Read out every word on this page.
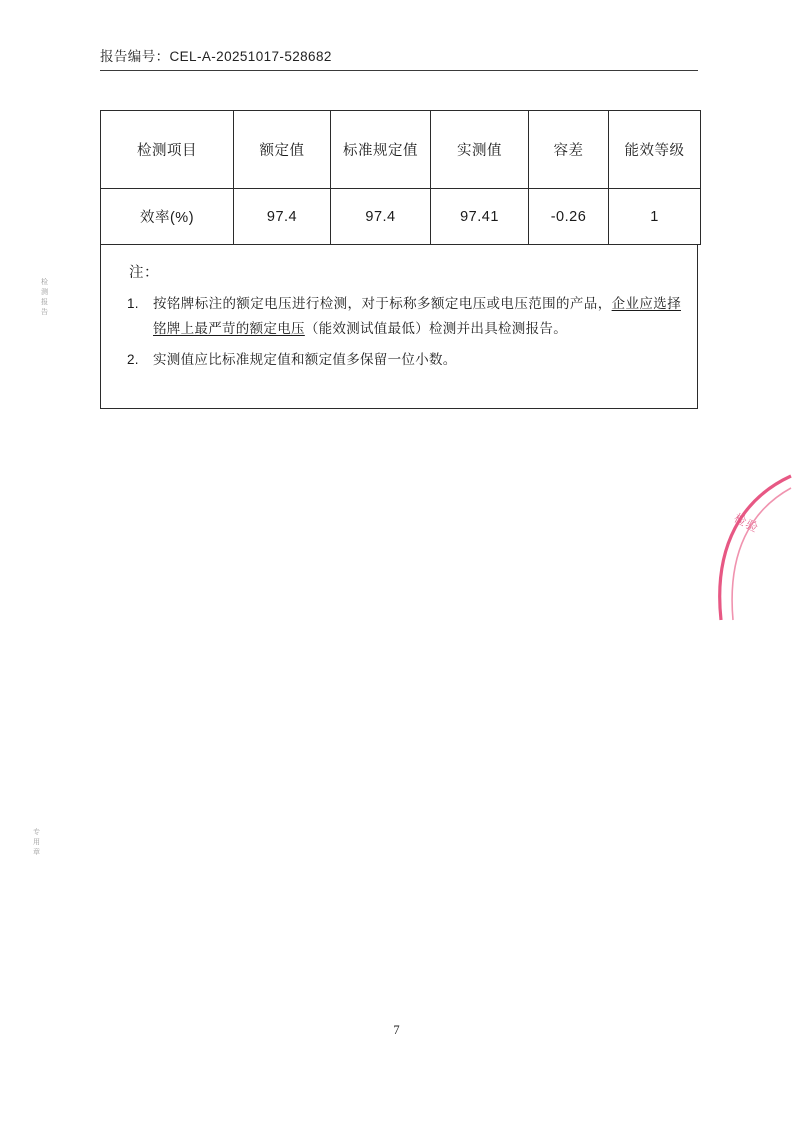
报告编号：CEL-A-20251017-528682
检测报告
专用章
检测项目	额定值	标准规定值	实测值	容差	能效等级
效率(%)	97.4	97.4	97.41	-0.26	1
注：
1.	按铭牌标注的额定电压进行检测，对于标称多额定电压或电压范围的产品，企业应选择铭牌上最严苛的额定电压（能效测试值最低）检测并出具检测报告。
2.	实测值应比标准规定值和额定值多保留一位小数。
检验
7
